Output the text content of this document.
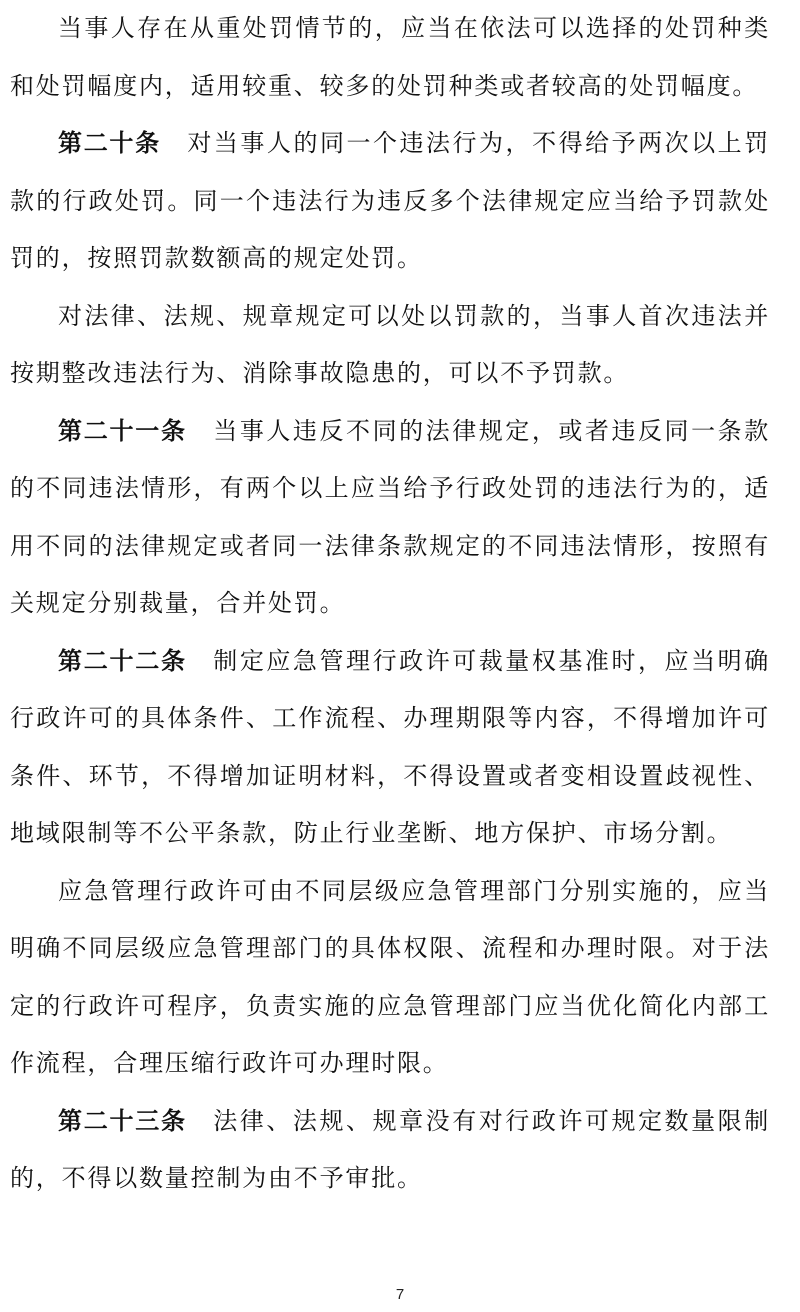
当事人存在从重处罚情节的，应当在依法可以选择的处罚种类和处罚幅度内，适用较重、较多的处罚种类或者较高的处罚幅度。

第二十条  对当事人的同一个违法行为，不得给予两次以上罚款的行政处罚。同一个违法行为违反多个法律规定应当给予罚款处罚的，按照罚款数额高的规定处罚。

对法律、法规、规章规定可以处以罚款的，当事人首次违法并按期整改违法行为、消除事故隐患的，可以不予罚款。

第二十一条  当事人违反不同的法律规定，或者违反同一条款的不同违法情形，有两个以上应当给予行政处罚的违法行为的，适用不同的法律规定或者同一法律条款规定的不同违法情形，按照有关规定分别裁量，合并处罚。

第二十二条  制定应急管理行政许可裁量权基准时，应当明确行政许可的具体条件、工作流程、办理期限等内容，不得增加许可条件、环节，不得增加证明材料，不得设置或者变相设置歧视性、地域限制等不公平条款，防止行业垄断、地方保护、市场分割。

应急管理行政许可由不同层级应急管理部门分别实施的，应当明确不同层级应急管理部门的具体权限、流程和办理时限。对于法定的行政许可程序，负责实施的应急管理部门应当优化简化内部工作流程，合理压缩行政许可办理时限。

第二十三条  法律、法规、规章没有对行政许可规定数量限制的，不得以数量控制为由不予审批。

7
